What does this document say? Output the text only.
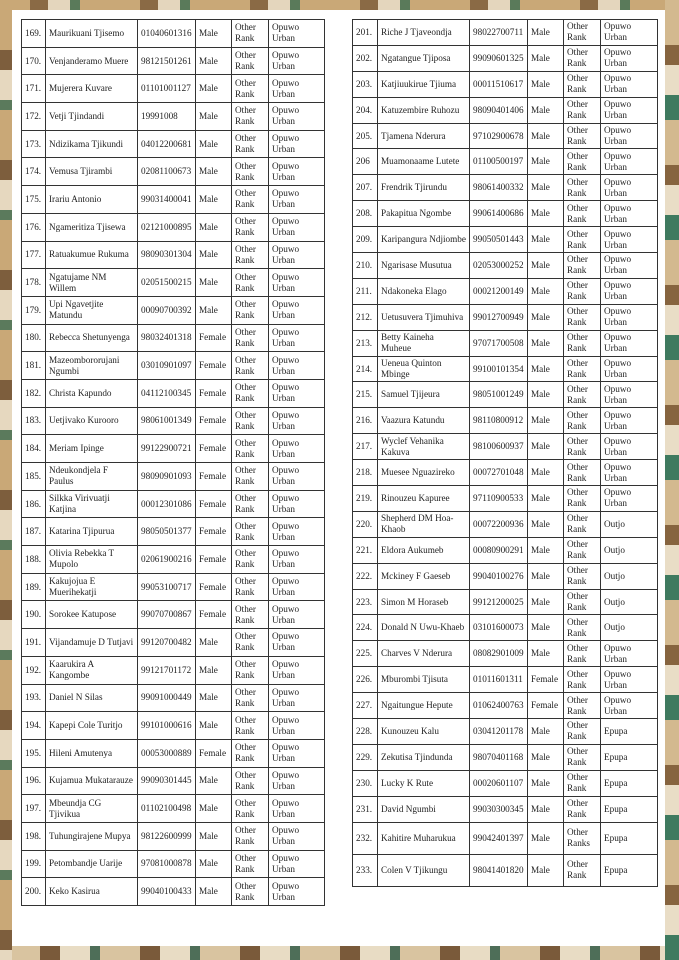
169.	Maurikuani Tjisemo	01040601316	Male	Other Rank	Opuwo Urban
170.	Venjanderamo Muere	98121501261	Male	Other Rank	Opuwo Urban
171.	Mujerera Kuvare	01101001127	Male	Other Rank	Opuwo Urban
172.	Vetji Tjindandi	19991008	Male	Other Rank	Opuwo Urban
173.	Ndizikama Tjikundi	04012200681	Male	Other Rank	Opuwo Urban
174.	Vemusa Tjirambi	02081100673	Male	Other Rank	Opuwo Urban
175.	Irariu Antonio	99031400041	Male	Other Rank	Opuwo Urban
176.	Ngameritiza Tjisewa	02121000895	Male	Other Rank	Opuwo Urban
177.	Ratuakumue Rukuma	98090301304	Male	Other Rank	Opuwo Urban
178.	Ngatujame NM Willem	02051500215	Male	Other Rank	Opuwo Urban
179.	Upi Ngavetjite Matundu	00090700392	Male	Other Rank	Opuwo Urban
180.	Rebecca Shetunyenga	98032401318	Female	Other Rank	Opuwo Urban
181.	Mazeombororujani Ngumbi	03010901097	Female	Other Rank	Opuwo Urban
182.	Christa Kapundo	04112100345	Female	Other Rank	Opuwo Urban
183.	Uetjivako Kurooro	98061001349	Female	Other Rank	Opuwo Urban
184.	Meriam Ipinge	99122900721	Female	Other Rank	Opuwo Urban
185.	Ndeukondjela F Paulus	98090901093	Female	Other Rank	Opuwo Urban
186.	Silkka Virivuatji Katjina	00012301086	Female	Other Rank	Opuwo Urban
187.	Katarina Tjipurua	98050501377	Female	Other Rank	Opuwo Urban
188.	Olivia Rebekka T Mupolo	02061900216	Female	Other Rank	Opuwo Urban
189.	Kakujojua E Muerihekatji	99053100717	Female	Other Rank	Opuwo Urban
190.	Sorokee Katupose	99070700867	Female	Other Rank	Opuwo Urban
191.	Vijandamuje D Tutjavi	99120700482	Male	Other Rank	Opuwo Urban
192.	Kaarukira A Kangombe	99121701172	Male	Other Rank	Opuwo Urban
193.	Daniel N Silas	99091000449	Male	Other Rank	Opuwo Urban
194.	Kapepi Cole Turitjo	99101000616	Male	Other Rank	Opuwo Urban
195.	Hileni Amutenya	00053000889	Female	Other Rank	Opuwo Urban
196.	Kujamua Mukatarauze	99090301445	Male	Other Rank	Opuwo Urban
197.	Mbeundja CG Tjivikua	01102100498	Male	Other Rank	Opuwo Urban
198.	Tuhungirajene Mupya	98122600999	Male	Other Rank	Opuwo Urban
199.	Petombandje Uarije	97081000878	Male	Other Rank	Opuwo Urban
200.	Keko Kasirua	99040100433	Male	Other Rank	Opuwo Urban
201.	Riche J Tjaveondja	98022700711	Male	Other Rank	Opuwo Urban
202.	Ngatangue Tjiposa	99090601325	Male	Other Rank	Opuwo Urban
203.	Katjiuukirue Tjiuma	00011510617	Male	Other Rank	Opuwo Urban
204.	Katuzembire Ruhozu	98090401406	Male	Other Rank	Opuwo Urban
205.	Tjamena Nderura	97102900678	Male	Other Rank	Opuwo Urban
206	Muamonaame Lutete	01100500197	Male	Other Rank	Opuwo Urban
207.	Frendrik Tjirundu	98061400332	Male	Other Rank	Opuwo Urban
208.	Pakapitua Ngombe	99061400686	Male	Other Rank	Opuwo Urban
209.	Karipangura Ndjiombe	99050501443	Male	Other Rank	Opuwo Urban
210.	Ngarisase Musutua	02053000252	Male	Other Rank	Opuwo Urban
211.	Ndakoneka Elago	00021200149	Male	Other Rank	Opuwo Urban
212.	Uetusuvera Tjimuhiva	99012700949	Male	Other Rank	Opuwo Urban
213.	Betty Kaineha Muheue	97071700508	Male	Other Rank	Opuwo Urban
214.	Ueneua Quinton Mbinge	99100101354	Male	Other Rank	Opuwo Urban
215.	Samuel Tjijeura	98051001249	Male	Other Rank	Opuwo Urban
216.	Vaazura Katundu	98110800912	Male	Other Rank	Opuwo Urban
217.	Wyclef Vehanika Kakuva	98100600937	Male	Other Rank	Opuwo Urban
218.	Muesee Nguazireko	00072701048	Male	Other Rank	Opuwo Urban
219.	Rinouzeu Kapuree	97110900533	Male	Other Rank	Opuwo Urban
220.	Shepherd DM Hoa-Khaob	00072200936	Male	Other Rank	Outjo
221.	Eldora Aukumeb	00080900291	Male	Other Rank	Outjo
222.	Mckiney F Gaeseb	99040100276	Male	Other Rank	Outjo
223.	Simon M Horaseb	99121200025	Male	Other Rank	Outjo
224.	Donald N Uwu-Khaeb	03101600073	Male	Other Rank	Outjo
225.	Charves V Nderura	08082901009	Male	Other Rank	Opuwo Urban
226.	Mburombi Tjisuta	01011601311	Female	Other Rank	Opuwo Urban
227.	Ngaitungue Hepute	01062400763	Female	Other Rank	Opuwo Urban
228.	Kunouzeu Kalu	03041201178	Male	Other Rank	Epupa
229.	Zekutisa Tjindunda	98070401168	Male	Other Rank	Epupa
230.	Lucky K Rute	00020601107	Male	Other Rank	Epupa
231.	David Ngumbi	99030300345	Male	Other Rank	Epupa
232.	Kahitire Muharukua	99042401397	Male	Other Ranks	Epupa
233.	Colen V Tjikungu	98041401820	Male	Other Rank	Epupa
